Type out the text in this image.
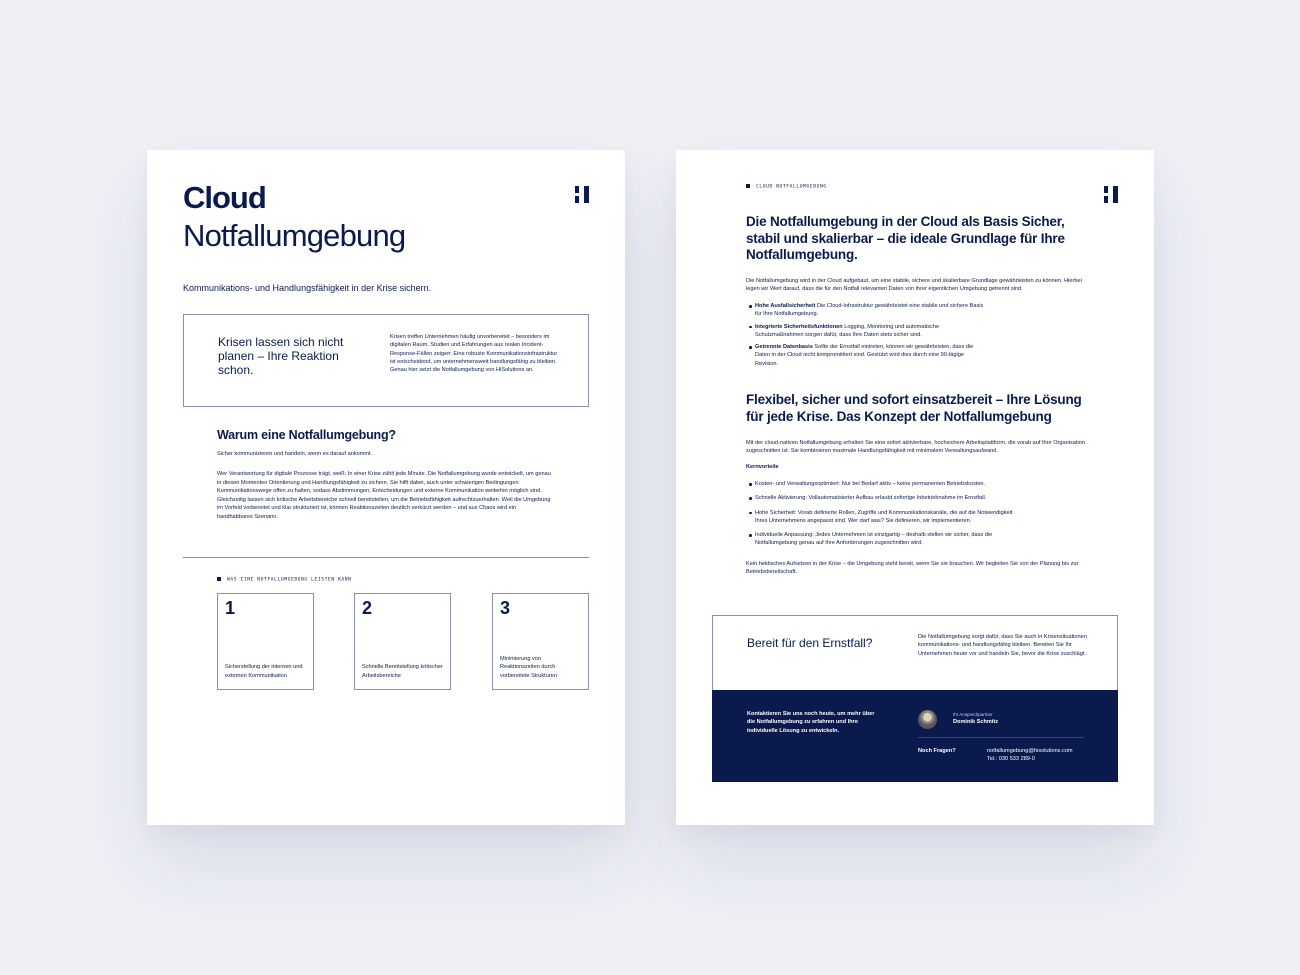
Cloud
Notfallumgebung
Kommunikations- und Handlungsfähigkeit in der Krise sichern.
Krisen lassen sich nicht planen – Ihre Reaktion schon.
Krisen treffen Unternehmen häufig unvorbereitet – besonders im digitalen Raum. Studien und Erfahrungen aus realen Incident-Response-Fällen zeigen: Eine robuste Kommunikationsinfrastruktur ist entscheidend, um unternehmensweit handlungsfähig zu bleiben. Genau hier setzt die Notfallumgebung von HiSolutions an.
Warum eine Notfallumgebung?
Sicher kommunizieren und handeln, wenn es darauf ankommt.
Wer Verantwortung für digitale Prozesse trägt, weiß: In einer Krise zählt jede Minute. Die Notfallumgebung wurde entwickelt, um genau in diesen Momenten Orientierung und Handlungsfähigkeit zu sichern. Sie hilft dabei, auch unter schwierigen Bedingungen Kommunikationswege offen zu halten, sodass Abstimmungen, Entscheidungen und externe Kommunikation weiterhin möglich sind. Gleichzeitig lassen sich kritische Arbeitsbereiche schnell bereitstellen, um die Betriebsfähigkeit aufrechtzuerhalten. Weil die Umgebung im Vorfeld vorbereitet und klar strukturiert ist, können Reaktionszeiten deutlich verkürzt werden – und aus Chaos wird ein handhabbares Szenario.
WAS EINE NOTFALLUMGEBUNG LEISTEN KANN
1
Sicherstellung der internen und externen Kommunikation
2
Schnelle Bereitstellung kritischer Arbeitsbereiche
3
Minimierung von Reaktionszeiten durch vorbereitete Strukturen
CLOUD NOTFALLUMGEBUNG
Die Notfallumgebung in der Cloud als Basis Sicher, stabil und skalierbar – die ideale Grundlage für Ihre Notfallumgebung.
Die Notfallumgebung wird in der Cloud aufgebaut, um eine stabile, sichere und skalierbare Grundlage gewährleisten zu können. Hierbei legen wir Wert darauf, dass die für den Notfall relevanten Daten von ihrer eigentlichen Umgebung getrennt sind.
Hohe Ausfallsicherheit Die Cloud-Infrastruktur gewährleistet eine stabile und sichere Basis für Ihre Notfallumgebung.
Integrierte Sicherheitsfunktionen Logging, Monitoring und automatische Schutzmaßnahmen sorgen dafür, dass Ihre Daten stets sicher sind.
Getrennte Datenbasis Sollte der Ernstfall eintreten, können wir gewährleisten, dass die Daten in der Cloud nicht kompromittiert sind. Gestützt wird dies durch eine 90-tägige Revision.
Flexibel, sicher und sofort einsatzbereit – Ihre Lösung für jede Krise. Das Konzept der Notfallumgebung
Mit der cloud-nativen Notfallumgebung erhalten Sie eine sofort aktivierbare, hochsichere Arbeitsplattform, die vorab auf Ihre Organisation zugeschnitten ist. Sie kombinieren maximale Handlungsfähigkeit mit minimalem Verwaltungsaufwand.
Kernvorteile
Kosten- und Verwaltungsoptimiert: Nur bei Bedarf aktiv – keine permanenten Betriebskosten.
Schnelle Aktivierung: Vollautomatisierter Aufbau erlaubt sofortige Inbetriebnahme im Ernstfall.
Hohe Sicherheit: Vorab definierte Rollen, Zugriffe und Kommunikationskanäle, die auf die Notwendigkeit Ihres Unternehmens angepasst sind. Wer darf was? Sie definieren, wir implementieren.
Individuelle Anpassung: Jedes Unternehmen ist einzigartig – deshalb stellen wir sicher, dass die Notfallumgebung genau auf Ihre Anforderungen zugeschnitten wird.
Kein hektisches Aufsetzen in der Krise – die Umgebung steht bereit, wenn Sie sie brauchen. Wir begleiten Sie von der Planung bis zur Betriebsbereitschaft.
Bereit für den Ernstfall?	Die Notfallumgebung sorgt dafür, dass Sie auch in Krisensituationen kommunikations- und handlungsfähig bleiben. Bereiten Sie Ihr Unternehmen heute vor und handeln Sie, bevor die Krise zuschlägt.
Kontaktieren Sie uns noch heute, um mehr über die Notfallumgebung zu erfahren und Ihre individuelle Lösung zu entwickeln.
Ihr Ansprechpartner
Dominik Schmitz
Noch Fragen?	notfallumgebung@hisolutions.com
Tel.: 030 533 289-0
